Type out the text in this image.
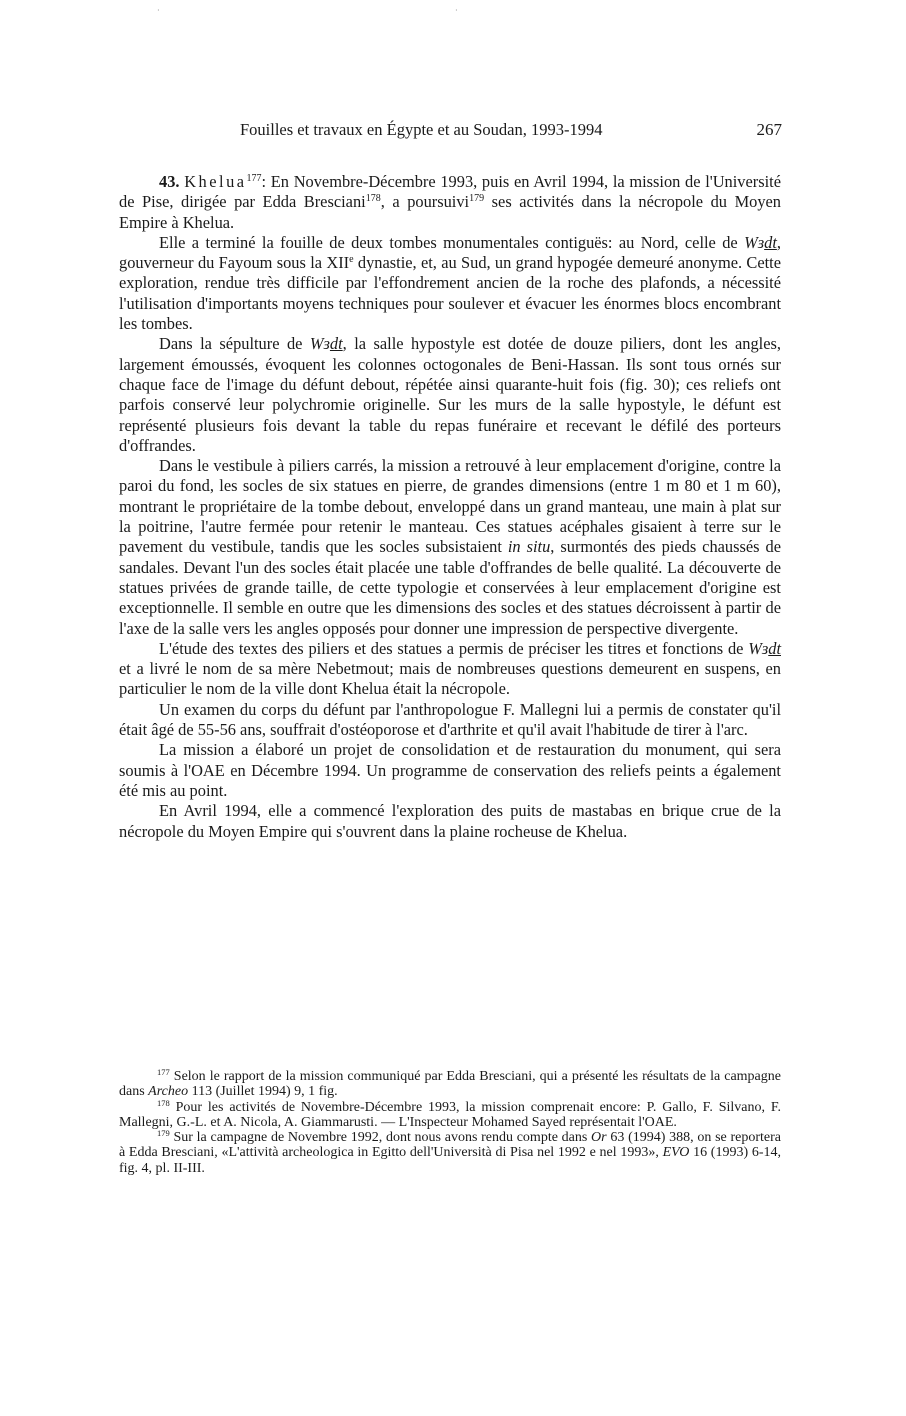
·	·
Fouilles et travaux en Égypte et au Soudan, 1993-1994	267

43. Khelua$^{177}$: En Novembre-Décembre 1993, puis en Avril 1994, la mission de l'Université de Pise, dirigée par Edda Bresciani$^{178}$, a poursuivi$^{179}$ ses activités dans la nécropole du Moyen Empire à Khelua.

Elle a terminé la fouille de deux tombes monumentales contiguës: au Nord, celle de Wɜdt, gouverneur du Fayoum sous la XIIe dynastie, et, au Sud, un grand hypogée demeuré anonyme. Cette exploration, rendue très difficile par l'effondrement ancien de la roche des plafonds, a nécessité l'utilisation d'importants moyens techniques pour soulever et évacuer les énormes blocs encombrant les tombes.

Dans la sépulture de Wɜdt, la salle hypostyle est dotée de douze piliers, dont les angles, largement émoussés, évoquent les colonnes octogonales de Beni-Hassan. Ils sont tous ornés sur chaque face de l'image du défunt debout, répétée ainsi quarante-huit fois (fig. 30); ces reliefs ont parfois conservé leur polychromie originelle. Sur les murs de la salle hypostyle, le défunt est représenté plusieurs fois devant la table du repas funéraire et recevant le défilé des porteurs d'offrandes.

Dans le vestibule à piliers carrés, la mission a retrouvé à leur emplacement d'origine, contre la paroi du fond, les socles de six statues en pierre, de grandes dimensions (entre 1 m 80 et 1 m 60), montrant le propriétaire de la tombe debout, enveloppé dans un grand manteau, une main à plat sur la poitrine, l'autre fermée pour retenir le manteau. Ces statues acéphales gisaient à terre sur le pavement du vestibule, tandis que les socles subsistaient in situ, surmontés des pieds chaussés de sandales. Devant l'un des socles était placée une table d'offrandes de belle qualité. La découverte de statues privées de grande taille, de cette typologie et conservées à leur emplacement d'origine est exceptionnelle. Il semble en outre que les dimensions des socles et des statues décroissent à partir de l'axe de la salle vers les angles opposés pour donner une impression de perspective divergente.

L'étude des textes des piliers et des statues a permis de préciser les titres et fonctions de Wɜdt et a livré le nom de sa mère Nebetmout; mais de nombreuses questions demeurent en suspens, en particulier le nom de la ville dont Khelua était la nécropole.

Un examen du corps du défunt par l'anthropologue F. Mallegni lui a permis de constater qu'il était âgé de 55-56 ans, souffrait d'ostéoporose et d'arthrite et qu'il avait l'habitude de tirer à l'arc.

La mission a élaboré un projet de consolidation et de restauration du monument, qui sera soumis à l'OAE en Décembre 1994. Un programme de conservation des reliefs peints a également été mis au point.

En Avril 1994, elle a commencé l'exploration des puits de mastabas en brique crue de la nécropole du Moyen Empire qui s'ouvrent dans la plaine rocheuse de Khelua.

$^{177}$ Selon le rapport de la mission communiqué par Edda Bresciani, qui a présenté les résultats de la campagne dans Archeo 113 (Juillet 1994) 9, 1 fig.

$^{178}$ Pour les activités de Novembre-Décembre 1993, la mission comprenait encore: P. Gallo, F. Silvano, F. Mallegni, G.-L. et A. Nicola, A. Giammarusti. — L'Inspecteur Mohamed Sayed représentait l'OAE.

$^{179}$ Sur la campagne de Novembre 1992, dont nous avons rendu compte dans Or 63 (1994) 388, on se reportera à Edda Bresciani, «L'attività archeologica in Egitto dell'Università di Pisa nel 1992 e nel 1993», EVO 16 (1993) 6-14, fig. 4, pl. II-III.
